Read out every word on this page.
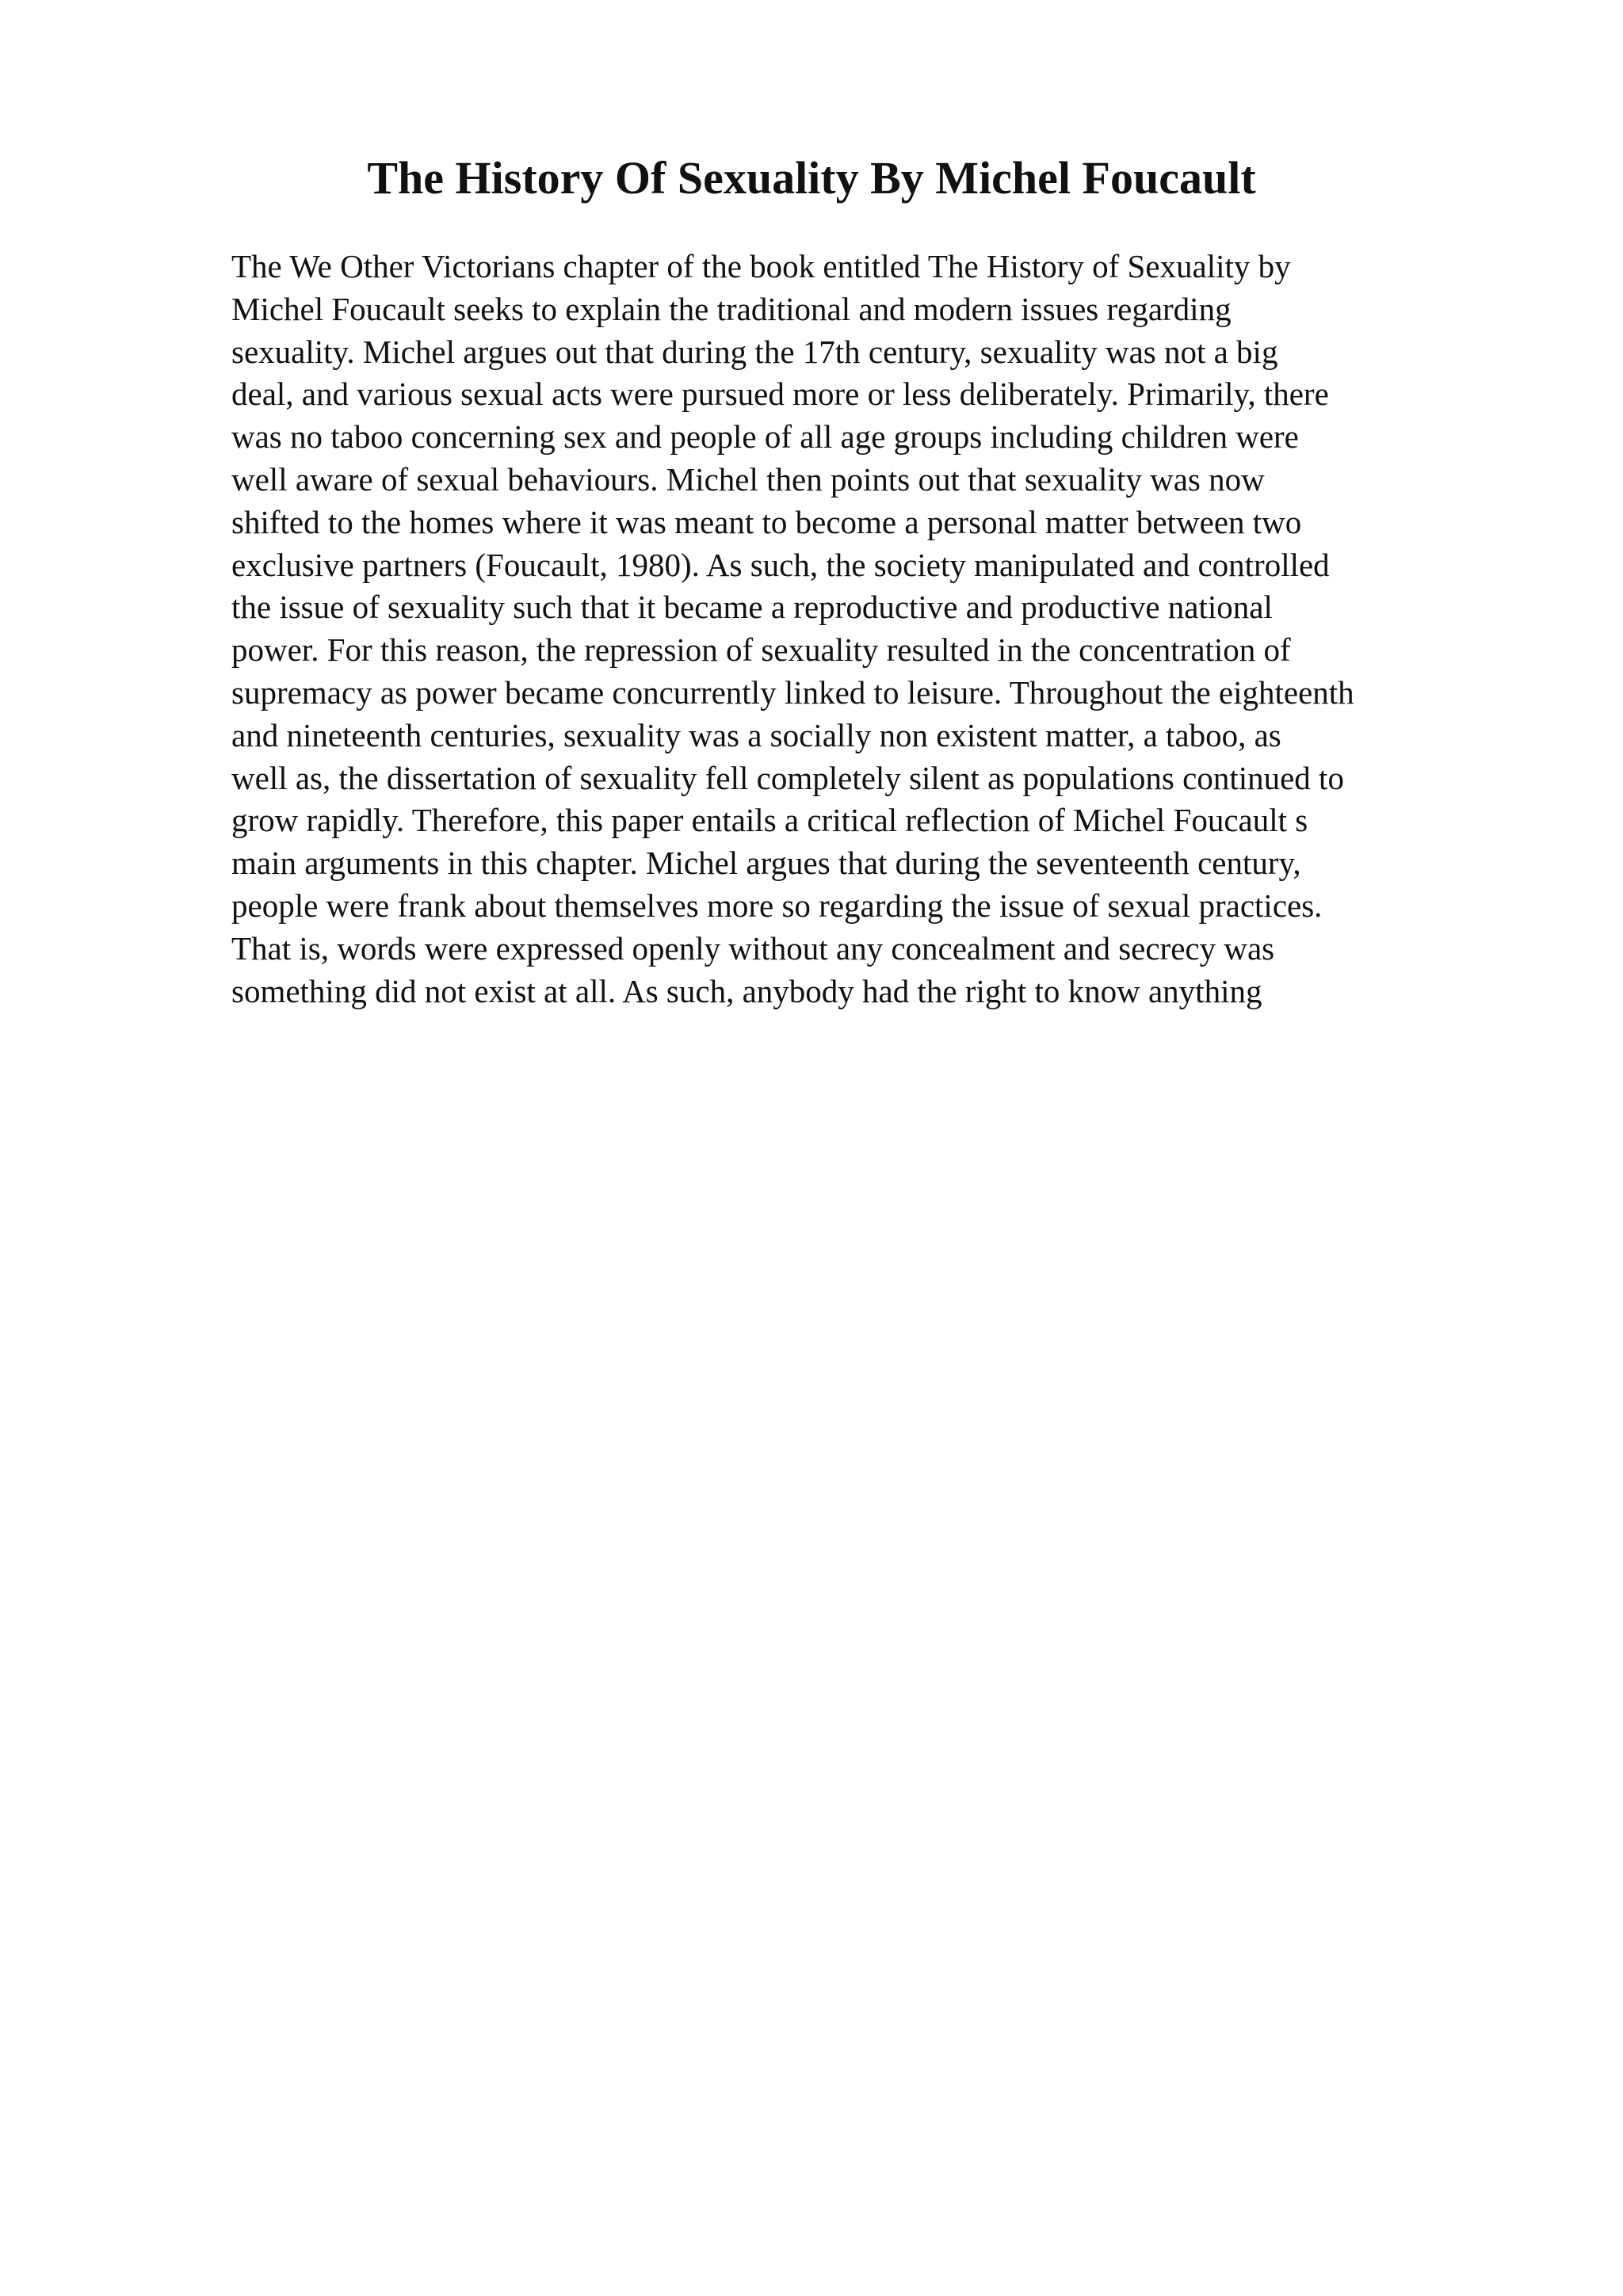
The History Of Sexuality By Michel Foucault
The We Other Victorians chapter of the book entitled The History of Sexuality by
Michel Foucault seeks to explain the traditional and modern issues regarding
sexuality. Michel argues out that during the 17th century, sexuality was not a big
deal, and various sexual acts were pursued more or less deliberately. Primarily, there
was no taboo concerning sex and people of all age groups including children were
well aware of sexual behaviours. Michel then points out that sexuality was now
shifted to the homes where it was meant to become a personal matter between two
exclusive partners (Foucault, 1980). As such, the society manipulated and controlled
the issue of sexuality such that it became a reproductive and productive national
power. For this reason, the repression of sexuality resulted in the concentration of
supremacy as power became concurrently linked to leisure. Throughout the eighteenth
and nineteenth centuries, sexuality was a socially non existent matter, a taboo, as
well as, the dissertation of sexuality fell completely silent as populations continued to
grow rapidly. Therefore, this paper entails a critical reflection of Michel Foucault s
main arguments in this chapter. Michel argues that during the seventeenth century,
people were frank about themselves more so regarding the issue of sexual practices.
That is, words were expressed openly without any concealment and secrecy was
something did not exist at all. As such, anybody had the right to know anything
